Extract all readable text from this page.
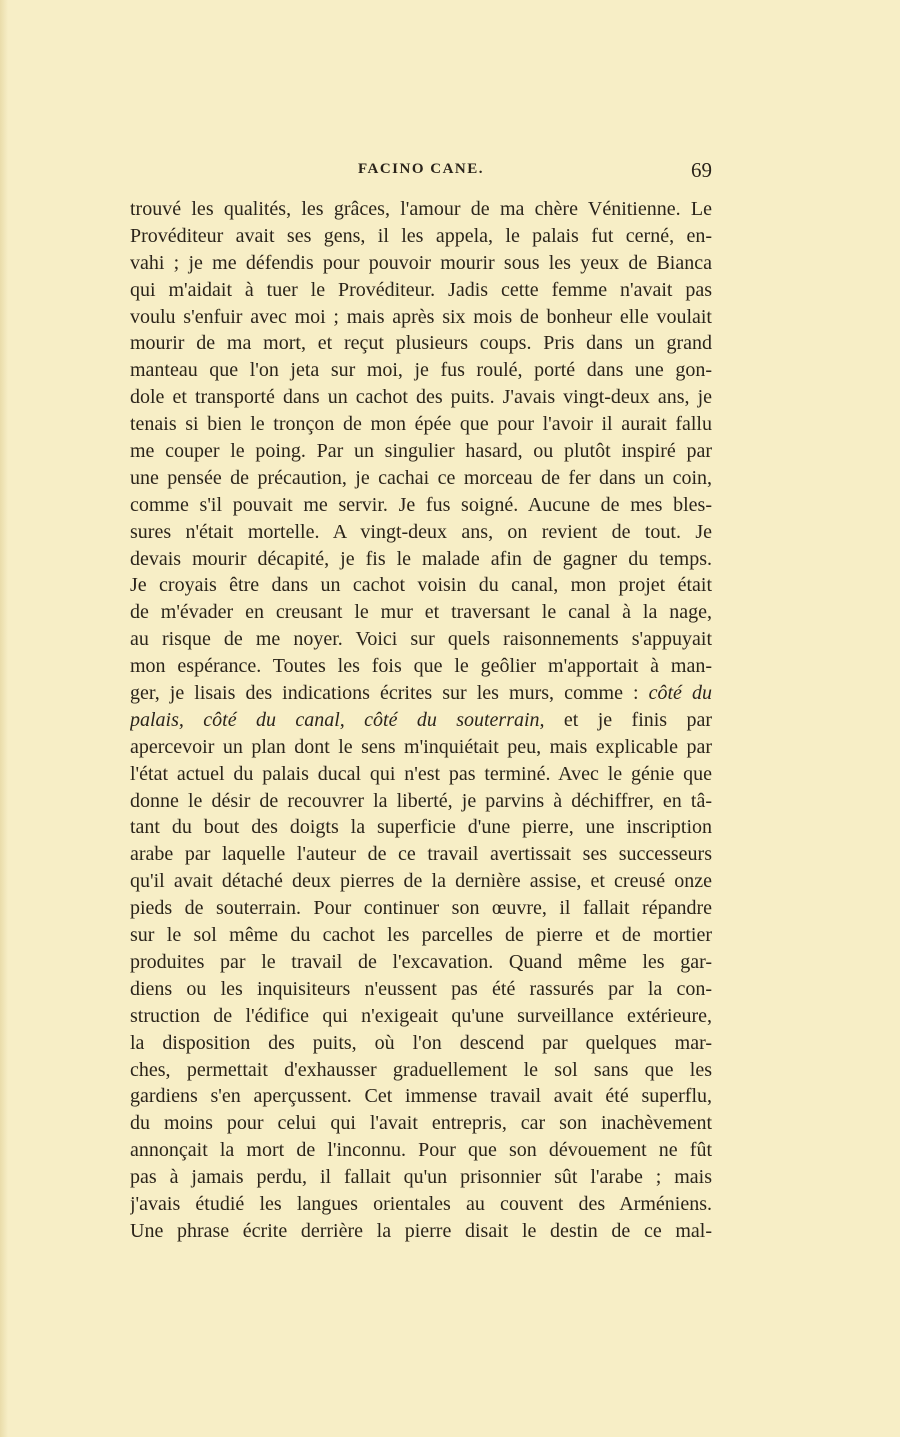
FACINO CANE.	69
trouvé les qualités, les grâces, l'amour de ma chère Vénitienne. Le
Provéditeur avait ses gens, il les appela, le palais fut cerné, en-
vahi ; je me défendis pour pouvoir mourir sous les yeux de Bianca
qui m'aidait à tuer le Provéditeur. Jadis cette femme n'avait pas
voulu s'enfuir avec moi ; mais après six mois de bonheur elle voulait
mourir de ma mort, et reçut plusieurs coups. Pris dans un grand
manteau que l'on jeta sur moi, je fus roulé, porté dans une gon-
dole et transporté dans un cachot des puits. J'avais vingt-deux ans, je
tenais si bien le tronçon de mon épée que pour l'avoir il aurait fallu
me couper le poing. Par un singulier hasard, ou plutôt inspiré par
une pensée de précaution, je cachai ce morceau de fer dans un coin,
comme s'il pouvait me servir. Je fus soigné. Aucune de mes bles-
sures n'était mortelle. A vingt-deux ans, on revient de tout. Je
devais mourir décapité, je fis le malade afin de gagner du temps.
Je croyais être dans un cachot voisin du canal, mon projet était
de m'évader en creusant le mur et traversant le canal à la nage,
au risque de me noyer. Voici sur quels raisonnements s'appuyait
mon espérance. Toutes les fois que le geôlier m'apportait à man-
ger, je lisais des indications écrites sur les murs, comme : côté du
palais, côté du canal, côté du souterrain, et je finis par
apercevoir un plan dont le sens m'inquiétait peu, mais explicable par
l'état actuel du palais ducal qui n'est pas terminé. Avec le génie que
donne le désir de recouvrer la liberté, je parvins à déchiffrer, en tâ-
tant du bout des doigts la superficie d'une pierre, une inscription
arabe par laquelle l'auteur de ce travail avertissait ses successeurs
qu'il avait détaché deux pierres de la dernière assise, et creusé onze
pieds de souterrain. Pour continuer son œuvre, il fallait répandre
sur le sol même du cachot les parcelles de pierre et de mortier
produites par le travail de l'excavation. Quand même les gar-
diens ou les inquisiteurs n'eussent pas été rassurés par la con-
struction de l'édifice qui n'exigeait qu'une surveillance extérieure,
la disposition des puits, où l'on descend par quelques mar-
ches, permettait d'exhausser graduellement le sol sans que les
gardiens s'en aperçussent. Cet immense travail avait été superflu,
du moins pour celui qui l'avait entrepris, car son inachèvement
annonçait la mort de l'inconnu. Pour que son dévouement ne fût
pas à jamais perdu, il fallait qu'un prisonnier sût l'arabe ; mais
j'avais étudié les langues orientales au couvent des Arméniens.
Une phrase écrite derrière la pierre disait le destin de ce mal-
